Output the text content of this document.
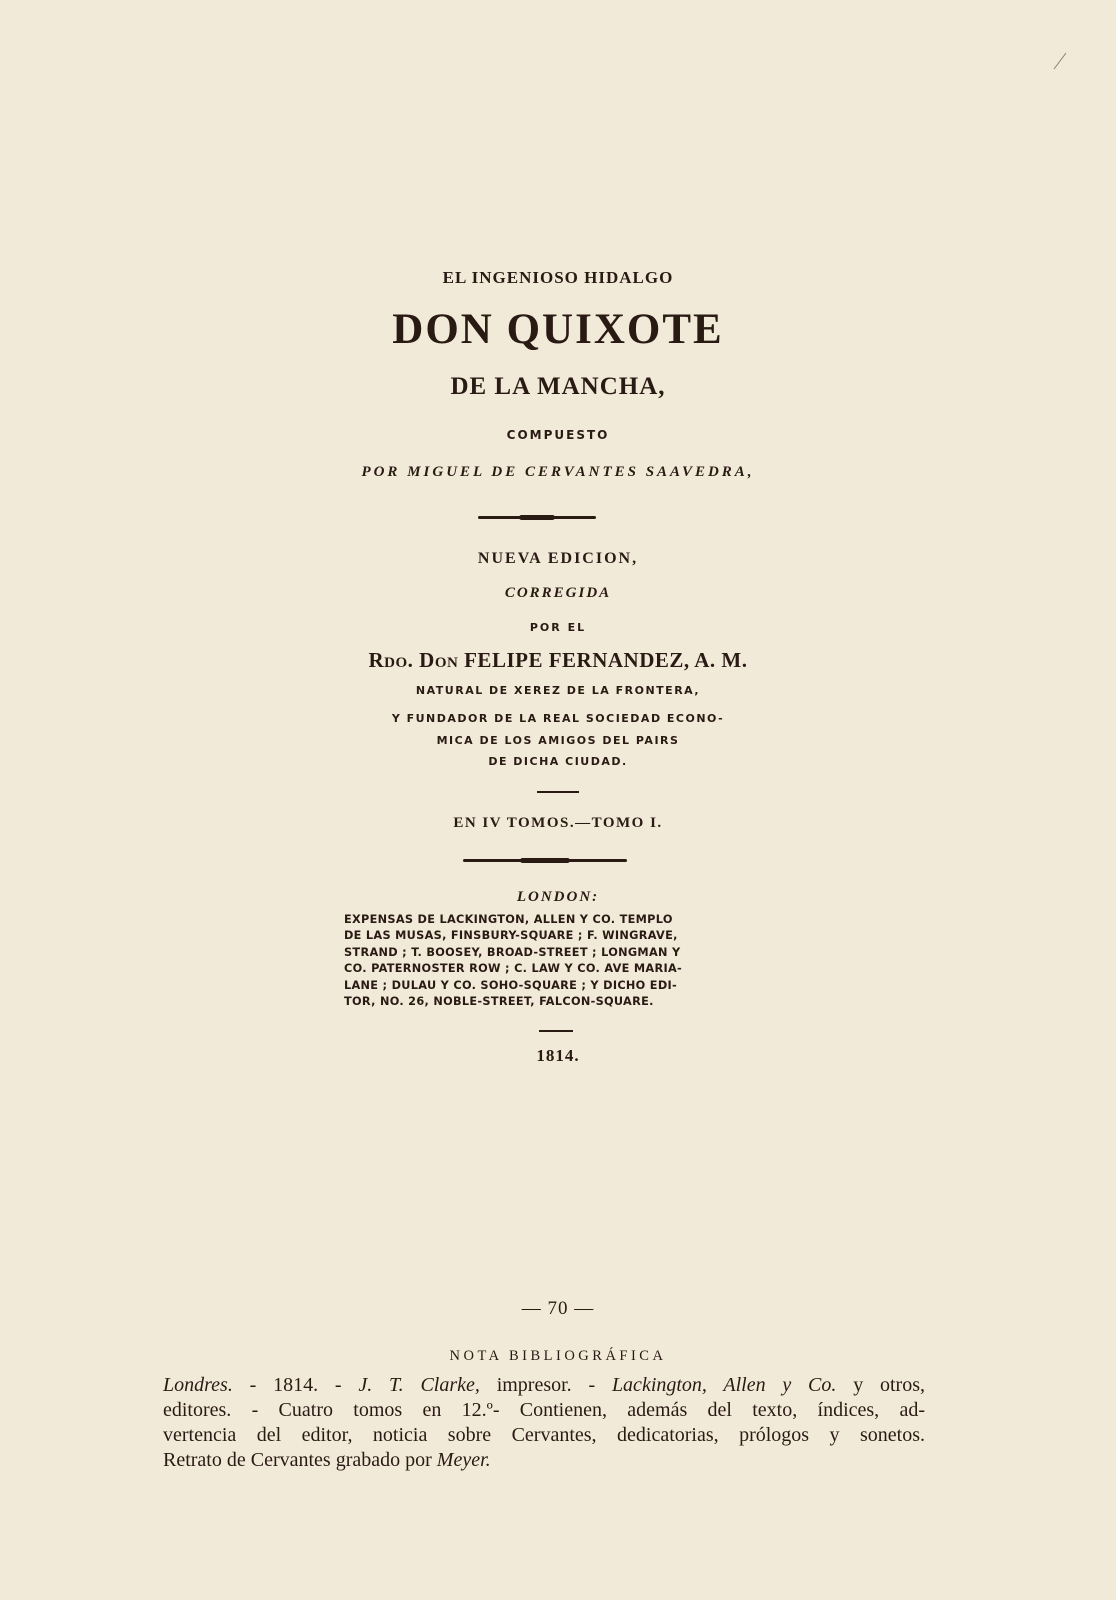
EL INGENIOSO HIDALGO
DON QUIXOTE
DE LA MANCHA,
COMPUESTO
POR MIGUEL DE CERVANTES SAAVEDRA,
NUEVA EDICION,
CORREGIDA
POR EL
Rdo. Don FELIPE FERNANDEZ, A. M.
NATURAL DE XEREZ DE LA FRONTERA,
Y FUNDADOR DE LA REAL SOCIEDAD ECONO-
MICA DE LOS AMIGOS DEL PAIRS
DE DICHA CIUDAD.
EN IV TOMOS.—TOMO I.
LONDON:
EXPENSAS DE LACKINGTON, ALLEN Y CO. TEMPLO
DE LAS MUSAS, FINSBURY-SQUARE ; F. WINGRAVE,
STRAND ; T. BOOSEY, BROAD-STREET ; LONGMAN Y
CO. PATERNOSTER ROW ; C. LAW Y CO. AVE MARIA-
LANE ; DULAU Y CO. SOHO-SQUARE ; Y DICHO EDI-
TOR, NO. 26, NOBLE-STREET, FALCON-SQUARE.
1814.
— 70 —
NOTA BIBLIOGRÁFICA
Londres. - 1814. - J. T. Clarke, impresor. - Lackington, Allen y Co. y otros,
editores. - Cuatro tomos en 12.º- Contienen, además del texto, índices, ad-
vertencia del editor, noticia sobre Cervantes, dedicatorias, prólogos y sonetos.
Retrato de Cervantes grabado por Meyer.
